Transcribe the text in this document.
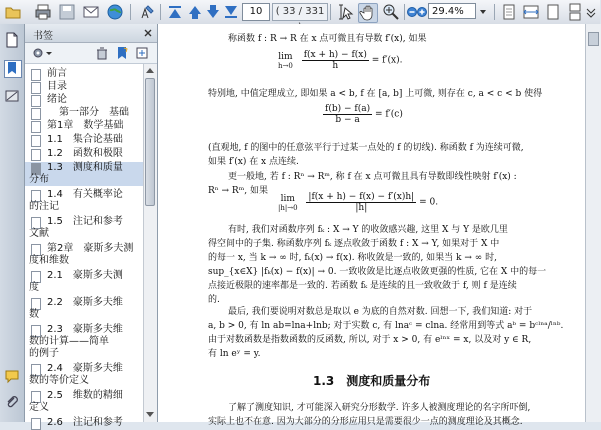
10	( 33 / 331	29.4%
书签
前言
目录
绪论
第一部分　基础
第1章　数学基础
1.1　集合论基础
1.2　函数和极限
1.3　测度和质量
分布
1.4　有关概率论
的注记
1.5　注记和参考
文献
第2章　豪斯多夫测
度和维数
2.1　豪斯多夫测
度
2.2　豪斯多夫维
数
2.3　豪斯多夫维
数的计算——简单
的例子
2.4　豪斯多夫维
数的等价定义
2.5　维数的精细
定义
2.6　注记和参考
称函数 f : R → R 在 x 点可微且有导数 f′(x), 如果
lim
h→0
$\frac{f(x + h) - f(x)}{h} = f'(x)$.
特别地, 中值定理成立, 即如果 a < b, f 在 [a, b] 上可微, 则存在 c, a < c < b 使得
$\frac{f(b) - f(a)}{b - a} = f'(c)$
(直观地, f 的图中的任意弦平行于过某一点处的 f 的切线). 称函数 f 为连续可微,
如果 f′(x) 在 x 点连续.
更一般地, 若 f : Rⁿ → Rᵐ, 称 f 在 x 点可微且具有导数即线性映射 f′(x) :
Rⁿ → Rᵐ, 如果
lim
|h|→0
$\frac{|f(x + h) - f(x) - f'(x)h|}{|h|} = 0$.
有时, 我们对函数序列 fₖ : X → Y 的收敛感兴趣, 这里 X 与 Y 是欧几里
得空间中的子集. 称函数序列 fₖ 逐点收敛于函数 f : X → Y, 如果对于 X 中
的每一 x, 当 k → ∞ 时, fₖ(x) → f(x). 称收敛是一致的, 如果当 k → ∞ 时,
sup_{x∈X} |fₖ(x) − f(x)| → 0. 一致收敛是比逐点收敛更强的性质, 它在 X 中的每一
点接近极限的速率都是一致的. 若函数 fₖ 是连续的且一致收敛于 f, 则 f 是连续
的.
最后, 我们要说明对数总是取以 e 为底的自然对数. 回想一下, 我们知道: 对于
a, b > 0, 有 ln ab=lna+lnb; 对于实数 c, 有 lnaᶜ = clna. 经常用到等式 aᵇ = bᶜˡⁿᵃ/ˡⁿᵇ.
由于对数函数是指数函数的反函数, 所以, 对于 x > 0, 有 eˡⁿˣ = x, 以及对 y ∈ R,
有 ln eʸ = y.
1.3　测度和质量分布
了解了测度知识, 才可能深入研究分形数学. 许多人被测度理论的名字所吓倒,
实际上也不在意. 因为大部分的分形应用只是需要很少一点的测度理论及其概念.
